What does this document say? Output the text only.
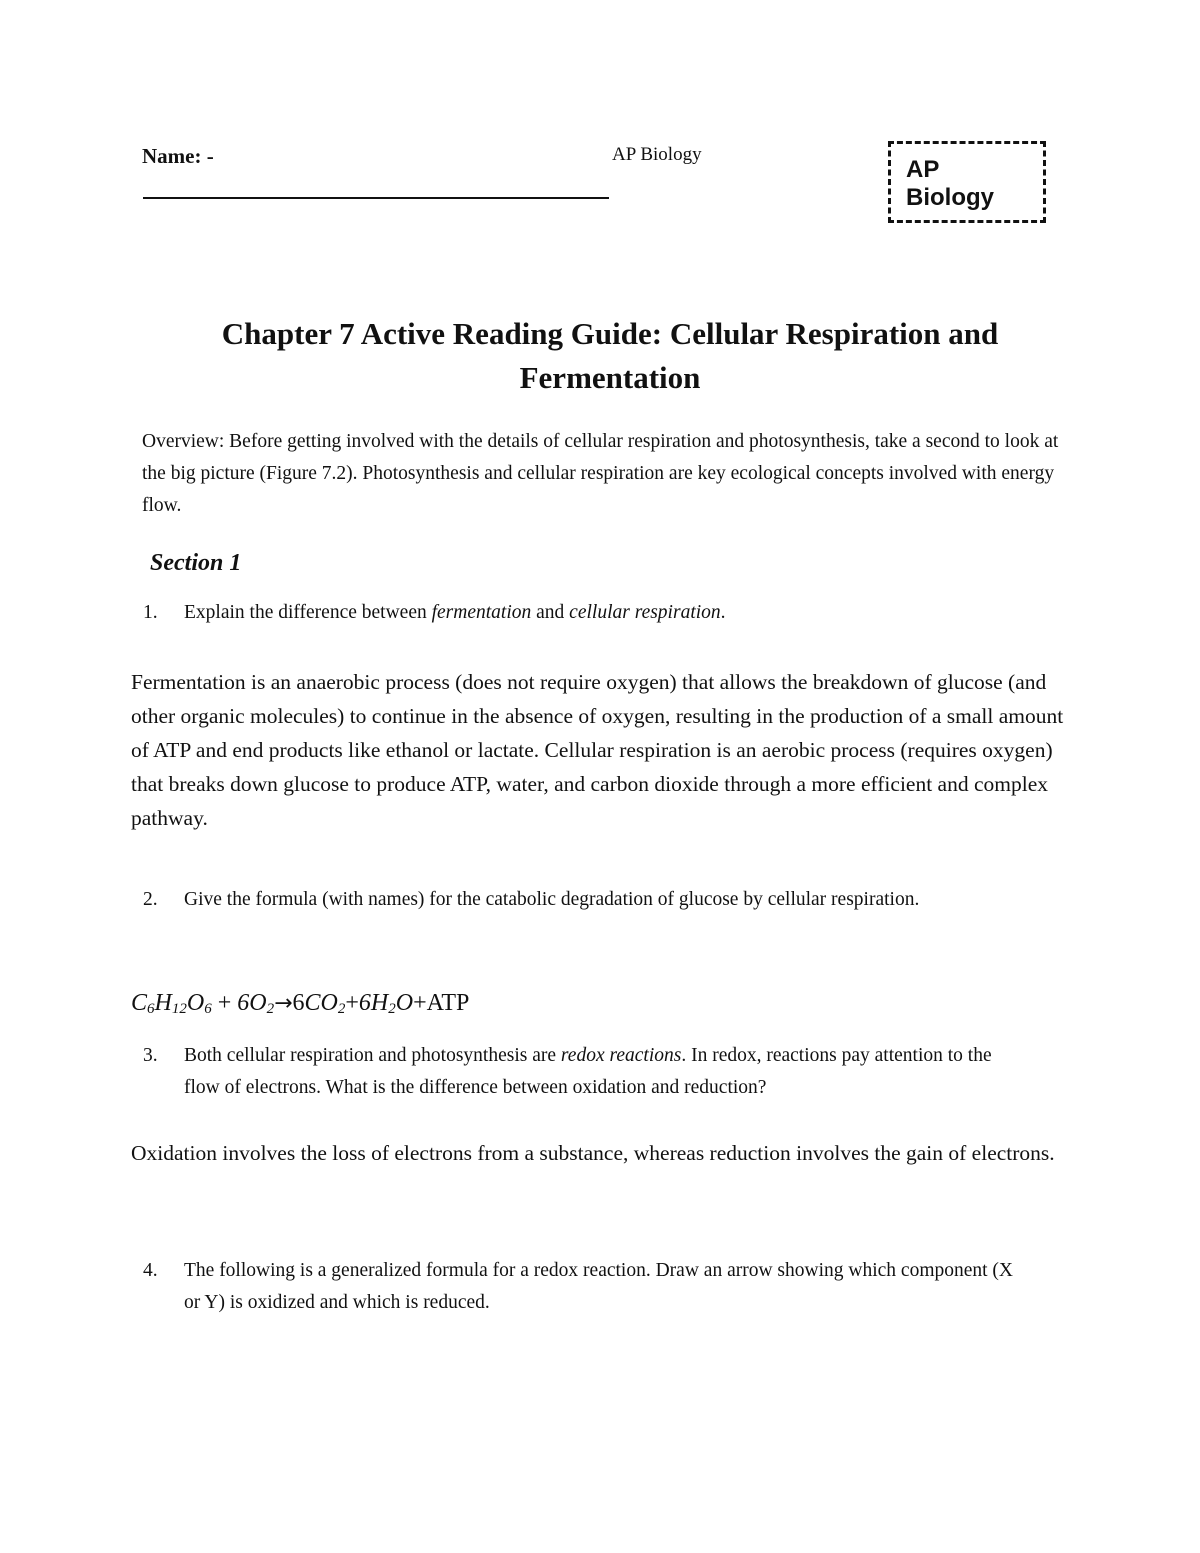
Name: -	AP Biology
AP
Biology
Chapter 7 Active Reading Guide: Cellular Respiration and Fermentation
Overview: Before getting involved with the details of cellular respiration and photosynthesis, take a second to look at the big picture (Figure 7.2). Photosynthesis and cellular respiration are key ecological concepts involved with energy flow.
Section 1
1. Explain the difference between fermentation and cellular respiration.
Fermentation is an anaerobic process (does not require oxygen) that allows the breakdown of glucose (and other organic molecules) to continue in the absence of oxygen, resulting in the production of a small amount of ATP and end products like ethanol or lactate. Cellular respiration is an aerobic process (requires oxygen) that breaks down glucose to produce ATP, water, and carbon dioxide through a more efficient and complex pathway.
2. Give the formula (with names) for the catabolic degradation of glucose by cellular respiration.
$C_6H_{12}O_6 + 6O_2\to 6CO_2+6H_2O+ATP$
3. Both cellular respiration and photosynthesis are redox reactions. In redox, reactions pay attention to the flow of electrons. What is the difference between oxidation and reduction?
Oxidation involves the loss of electrons from a substance, whereas reduction involves the gain of electrons.
4. The following is a generalized formula for a redox reaction. Draw an arrow showing which component (X or Y) is oxidized and which is reduced.
